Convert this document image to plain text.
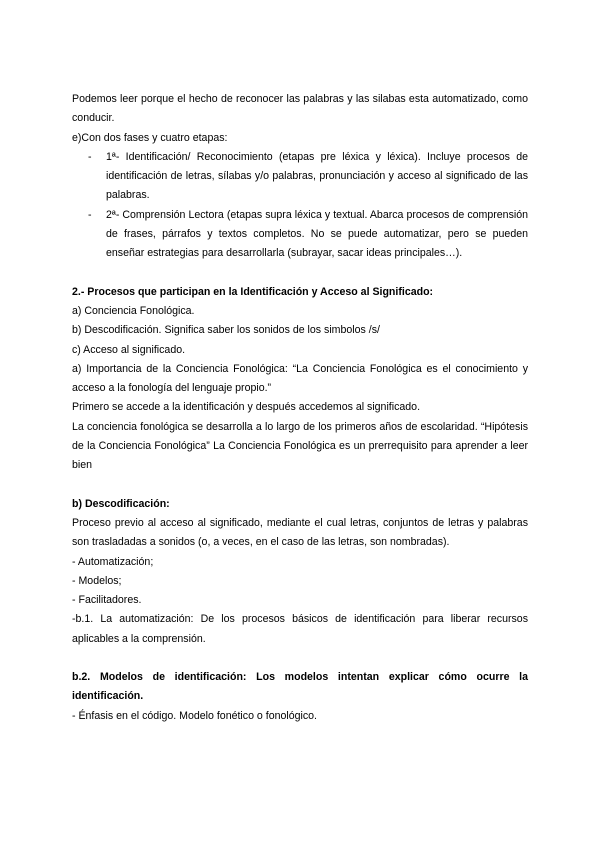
Podemos leer porque el hecho de reconocer las palabras y las silabas esta automatizado, como conducir.

e)Con dos fases y cuatro etapas:

- 1ª- Identificación/ Reconocimiento (etapas pre léxica y léxica). Incluye procesos de identificación de letras, sílabas y/o palabras, pronunciación y acceso al significado de las palabras.
- 2ª- Comprensión Lectora (etapas supra léxica y textual. Abarca procesos de comprensión de frases, párrafos y textos completos. No se puede automatizar, pero se pueden enseñar estrategias para desarrollarla (subrayar, sacar ideas principales…).

2.- Procesos que participan en la Identificación y Acceso al Significado:

a) Conciencia Fonológica.

b) Descodificación. Significa saber los sonidos de los simbolos /s/

c) Acceso al significado.

a) Importancia de la Conciencia Fonológica: “La Conciencia Fonológica es el conocimiento y acceso a la fonología del lenguaje propio.”

Primero se accede a la identificación y después accedemos al significado.

La conciencia fonológica se desarrolla a lo largo de los primeros años de escolaridad. “Hipótesis de la Conciencia Fonológica” La Conciencia Fonológica es un prerrequisito para aprender a leer bien

b) Descodificación:

Proceso previo al acceso al significado, mediante el cual letras, conjuntos de letras y palabras son trasladadas a sonidos (o, a veces, en el caso de las letras, son nombradas).

- Automatización;

- Modelos;

- Facilitadores.

-b.1. La automatización: De los procesos básicos de identificación para liberar recursos aplicables a la comprensión.

b.2. Modelos de identificación: Los modelos intentan explicar cómo ocurre la identificación.

- Énfasis en el código. Modelo fonético o fonológico.
